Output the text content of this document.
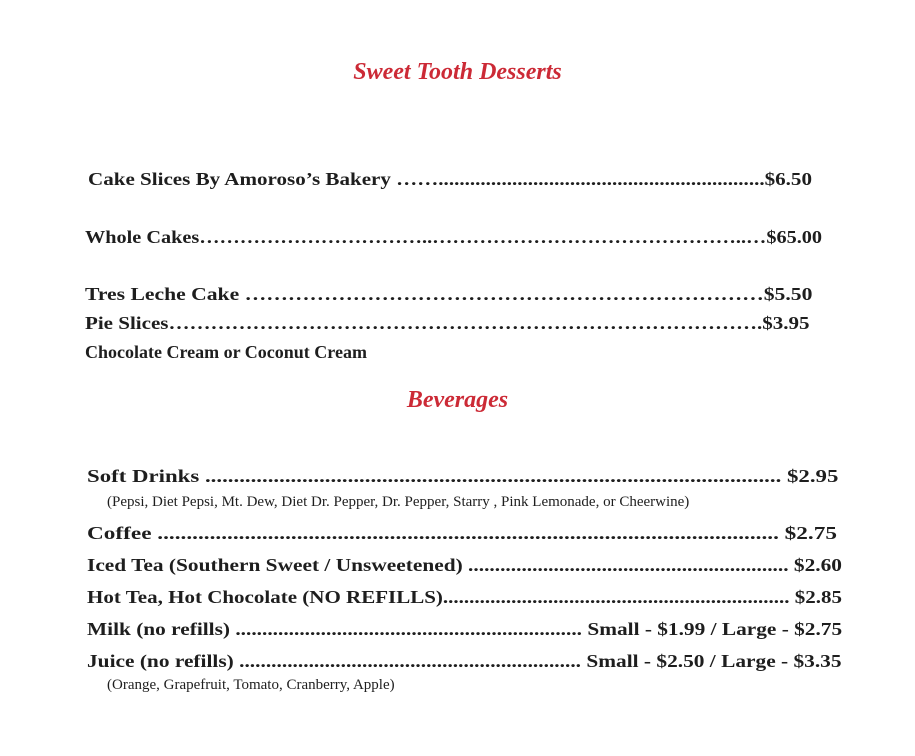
Sweet Tooth Desserts
Cake Slices By Amoroso’s Bakery ……..............................................................$6.50
Whole Cakes……………………………..………………………………………..…$65.00
Tres Leche Cake ………………………………………………………………$5.50
Pie Slices………………………………………………………………………….$3.95
Chocolate Cream or Coconut Cream
Beverages
Soft Drinks ..................................................................................................... $2.95
(Pepsi, Diet Pepsi, Mt. Dew, Diet Dr. Pepper, Dr. Pepper, Starry , Pink Lemonade, or Cheerwine)
Coffee ........................................................................................................... $2.75
Iced Tea (Southern Sweet / Unsweetened) ............................................................ $2.60
Hot Tea, Hot Chocolate (NO REFILLS).................................................................. $2.85
Milk (no refills) ................................................................. Small - $1.99 / Large - $2.75
Juice (no refills) ................................................................ Small - $2.50 / Large - $3.35
(Orange, Grapefruit, Tomato, Cranberry, Apple)
